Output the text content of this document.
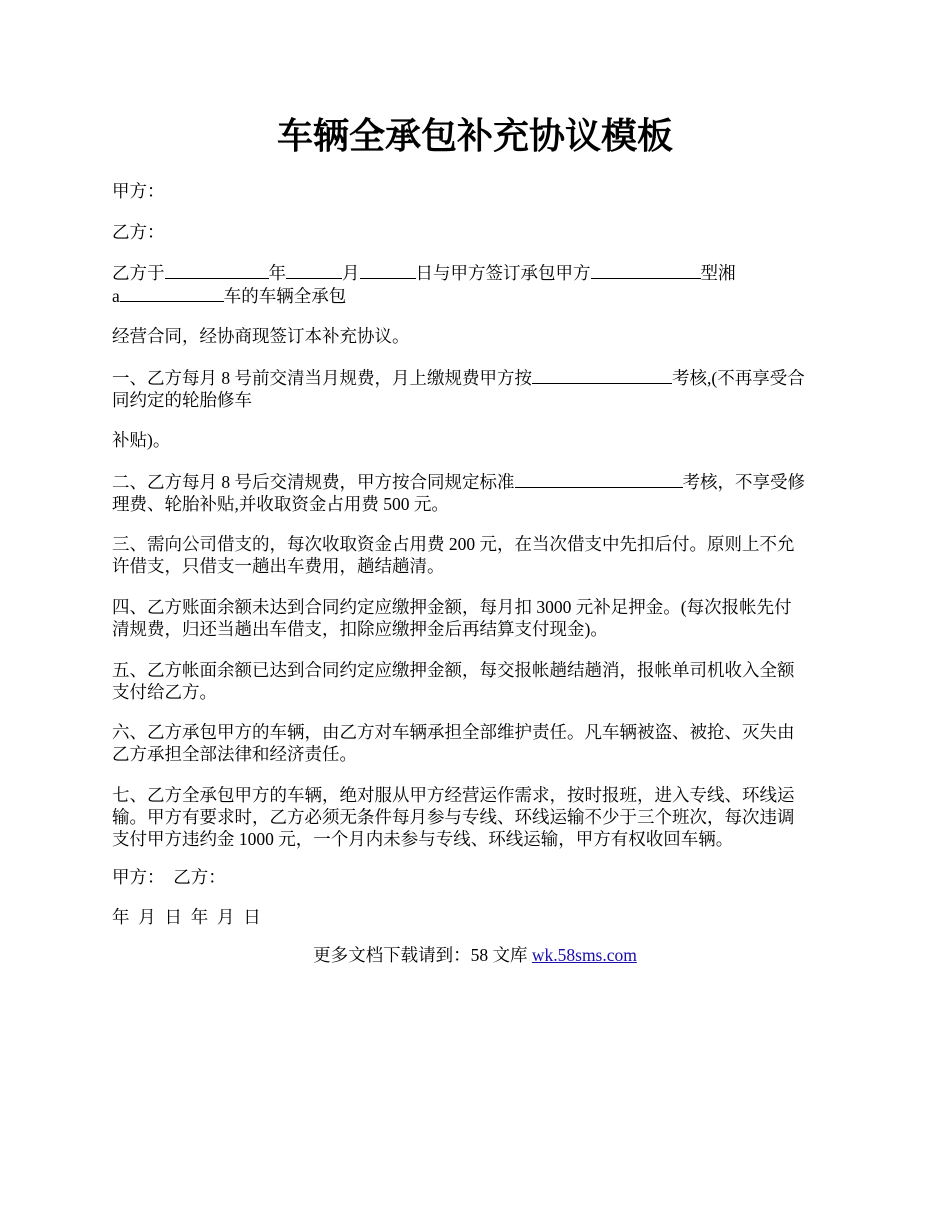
车辆全承包补充协议模板
甲方：
乙方：
乙方于	年	月	日与甲方签订承包甲方	型湘
a	车的车辆全承包
经营合同，经协商现签订本补充协议。
一、乙方每月 8 号前交清当月规费，月上缴规费甲方按	考核,(不再享受合
同约定的轮胎修车
补贴)。
二、乙方每月 8 号后交清规费，甲方按合同规定标准	考核，不享受修
理费、轮胎补贴,并收取资金占用费 500 元。
三、需向公司借支的，每次收取资金占用费 200 元，在当次借支中先扣后付。原则上不允
许借支，只借支一趟出车费用，趟结趟清。
四、乙方账面余额未达到合同约定应缴押金额，每月扣 3000 元补足押金。(每次报帐先付
清规费，归还当趟出车借支，扣除应缴押金后再结算支付现金)。
五、乙方帐面余额已达到合同约定应缴押金额，每交报帐趟结趟消，报帐单司机收入全额
支付给乙方。
六、乙方承包甲方的车辆，由乙方对车辆承担全部维护责任。凡车辆被盗、被抢、灭失由
乙方承担全部法律和经济责任。
七、乙方全承包甲方的车辆，绝对服从甲方经营运作需求，按时报班，进入专线、环线运
输。甲方有要求时，乙方必须无条件每月参与专线、环线运输不少于三个班次，每次违调
支付甲方违约金 1000 元，一个月内未参与专线、环线运输，甲方有权收回车辆。
甲方：  乙方：
年  月  日  年  月  日
更多文档下载请到：58 文库 wk.58sms.com
